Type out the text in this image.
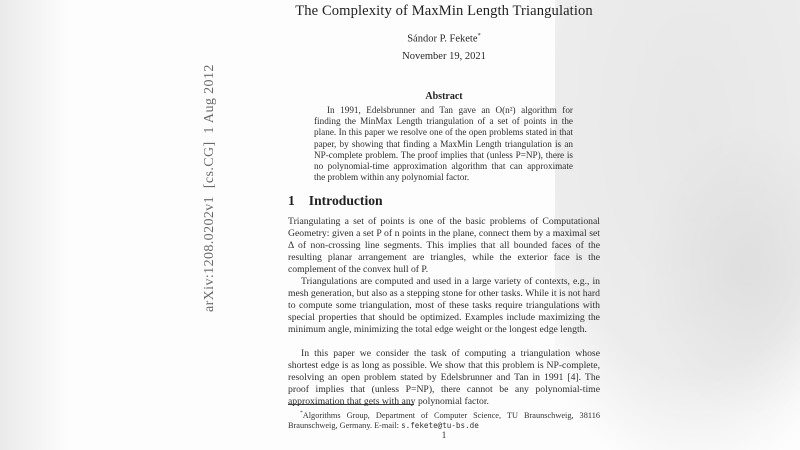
arXiv:1208.0202v1  [cs.CG]  1 Aug 2012
The Complexity of MaxMin Length Triangulation
Sándor P. Fekete*
November 19, 2021
Abstract
In 1991, Edelsbrunner and Tan gave an O(n²) algorithm for finding the MinMax Length triangulation of a set of points in the plane. In this paper we resolve one of the open problems stated in that paper, by showing that finding a MaxMin Length triangulation is an NP-complete problem. The proof implies that (unless P=NP), there is no polynomial-time approximation algorithm that can approximate the problem within any polynomial factor.
1 Introduction
Triangulating a set of points is one of the basic problems of Computational Geometry: given a set P of n points in the plane, connect them by a maximal set Δ of non-crossing line segments. This implies that all bounded faces of the resulting planar arrangement are triangles, while the exterior face is the complement of the convex hull of P.
Triangulations are computed and used in a large variety of contexts, e.g., in mesh generation, but also as a stepping stone for other tasks. While it is not hard to compute some triangulation, most of these tasks require triangulations with special properties that should be optimized. Examples include maximizing the minimum angle, minimizing the total edge weight or the longest edge length.
In this paper we consider the task of computing a triangulation whose shortest edge is as long as possible. We show that this problem is NP-complete, resolving an open problem stated by Edelsbrunner and Tan in 1991 [4]. The proof implies that (unless P=NP), there cannot be any polynomial-time approximation that gets with any polynomial factor.
*Algorithms Group, Department of Computer Science, TU Braunschweig, 38116 Braunschweig, Germany. E-mail: s.fekete@tu-bs.de
1
